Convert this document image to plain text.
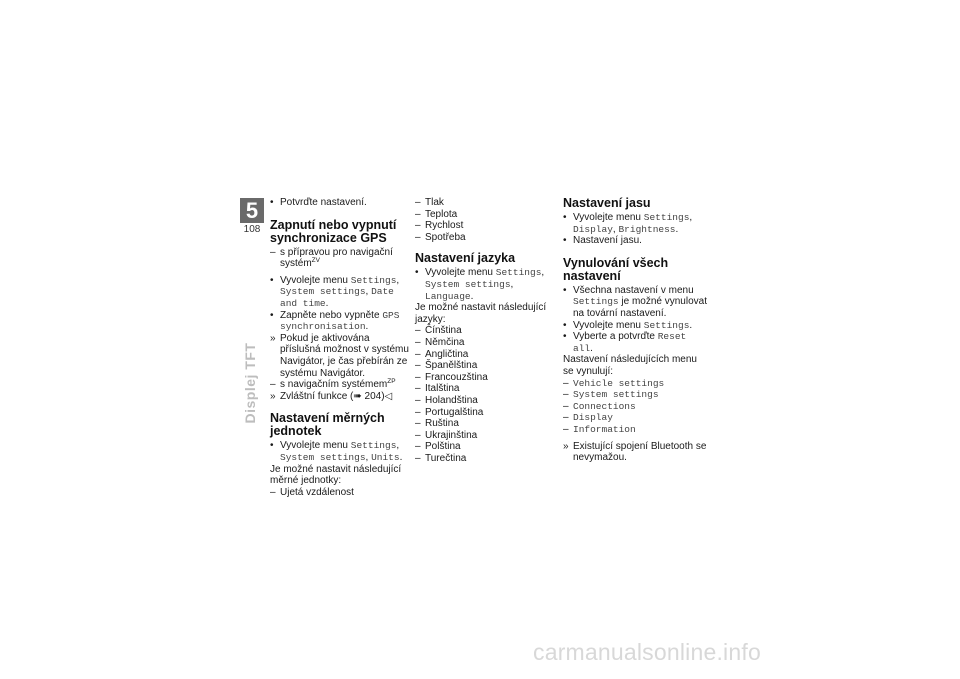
5
108
Displej TFT

• Potvrďte nastavení.

Zapnutí nebo vypnutí synchronizace GPS

– s přípravou pro navigační systém$^{ZV}$

• Vyvolejte menu Settings, System settings, Date and time.

• Zapněte nebo vypněte GPS synchronisation.

» Pokud je aktivována příslušná možnost v systému Navigátor, je čas přebírán ze systému Navigátor.

– s navigačním systémem$^{ZP}$

» Zvláštní funkce (➠ 204)◁

Nastavení měrných jednotek

• Vyvolejte menu Settings, System settings, Units.

Je možné nastavit následující měrné jednotky:

– Ujetá vzdálenost

– Tlak

– Teplota

– Rychlost

– Spotřeba

Nastavení jazyka

• Vyvolejte menu Settings, System settings, Language.

Je možné nastavit následující jazyky:

– Čínština

– Němčina

– Angličtina

– Španělština

– Francouzština

– Italština

– Holandština

– Portugalština

– Ruština

– Ukrajinština

– Polština

– Turečtina

Nastavení jasu

• Vyvolejte menu Settings, Display, Brightness.

• Nastavení jasu.

Vynulování všech nastavení

• Všechna nastavení v menu Settings je možné vynulovat na tovární nastavení.

• Vyvolejte menu Settings.

• Vyberte a potvrďte Reset all.

Nastavení následujících menu se vynulují:

– Vehicle settings

– System settings

– Connections

– Display

– Information

» Existující spojení Bluetooth se nevymažou.

carmanualsonline.info
